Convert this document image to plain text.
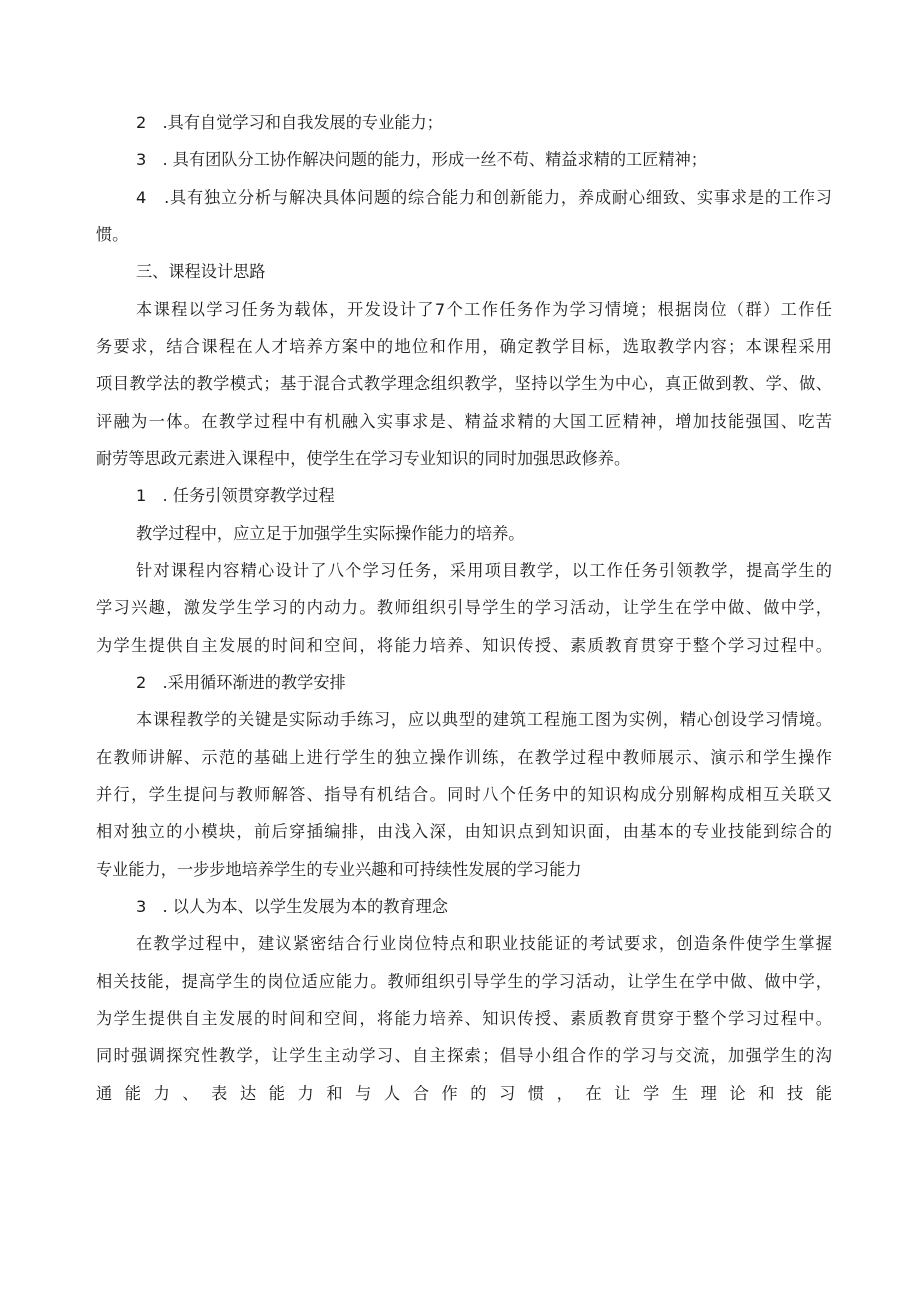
2　.具有自觉学习和自我发展的专业能力；
3　. 具有团队分工协作解决问题的能力，形成一丝不苟、精益求精的工匠精神；
4　.具有独立分析与解决具体问题的综合能力和创新能力，养成耐心细致、实事求是的工作习
惯。
三、课程设计思路
本课程以学习任务为载体，开发设计了7个工作任务作为学习情境；根据岗位（群）工作任
务要求，结合课程在人才培养方案中的地位和作用，确定教学目标，选取教学内容；本课程采用
项目教学法的教学模式；基于混合式教学理念组织教学，坚持以学生为中心，真正做到教、学、做、
评融为一体。在教学过程中有机融入实事求是、精益求精的大国工匠精神，增加技能强国、吃苦
耐劳等思政元素进入课程中，使学生在学习专业知识的同时加强思政修养。
1　. 任务引领贯穿教学过程
教学过程中，应立足于加强学生实际操作能力的培养。
针对课程内容精心设计了八个学习任务，采用项目教学，以工作任务引领教学，提高学生的
学习兴趣，激发学生学习的内动力。教师组织引导学生的学习活动，让学生在学中做、做中学，
为学生提供自主发展的时间和空间，将能力培养、知识传授、素质教育贯穿于整个学习过程中。
2　.采用循环渐进的教学安排
本课程教学的关键是实际动手练习，应以典型的建筑工程施工图为实例，精心创设学习情境。
在教师讲解、示范的基础上进行学生的独立操作训练，在教学过程中教师展示、演示和学生操作
并行，学生提问与教师解答、指导有机结合。同时八个任务中的知识构成分别解构成相互关联又
相对独立的小模块，前后穿插编排，由浅入深，由知识点到知识面，由基本的专业技能到综合的
专业能力，一步步地培养学生的专业兴趣和可持续性发展的学习能力
3　. 以人为本、以学生发展为本的教育理念
在教学过程中，建议紧密结合行业岗位特点和职业技能证的考试要求，创造条件使学生掌握
相关技能，提高学生的岗位适应能力。教师组织引导学生的学习活动，让学生在学中做、做中学，
为学生提供自主发展的时间和空间，将能力培养、知识传授、素质教育贯穿于整个学习过程中。
同时强调探究性教学，让学生主动学习、自主探索；倡导小组合作的学习与交流，加强学生的沟
通能力、表达能力和与人合作的习惯，在让学生理论和技能
